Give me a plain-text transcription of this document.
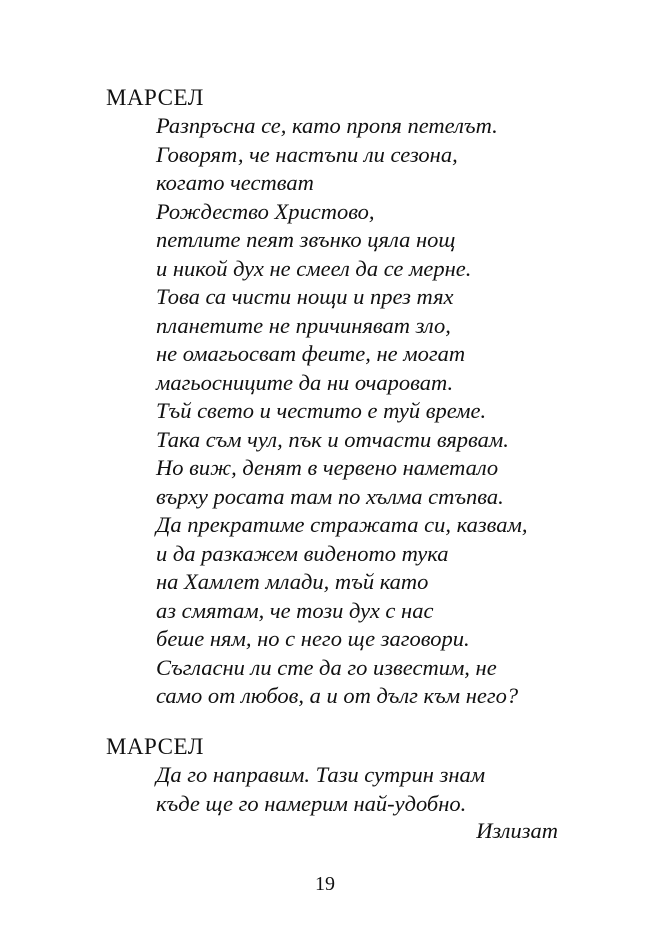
МАРСЕЛ
Разпръсна се, като пропя петелът.
Говорят, че настъпи ли сезона,
когато честват
Рождество Христово,
петлите пеят звънко цяла нощ
и никой дух не смеел да се мерне.
Това са чисти нощи и през тях
планетите не причиняват зло,
не омагьосват феите, не могат
магьосниците да ни очароват.
Тъй свето и честито е туй време.
Така съм чул, пък и отчасти вярвам.
Но виж, денят в червено наметало
върху росата там по хълма стъпва.
Да прекратиме стражата си, казвам,
и да разкажем видeното тука
на Хамлет млади, тъй като
аз смятам, че този дух с нас
беше ням, но с него ще заговори.
Съгласни ли сте да го известим, не
само от любов, а и от дълг към него?
МАРСЕЛ
Да го направим. Тази сутрин знам
къде ще го намерим най-удобно.
Излизат
19
